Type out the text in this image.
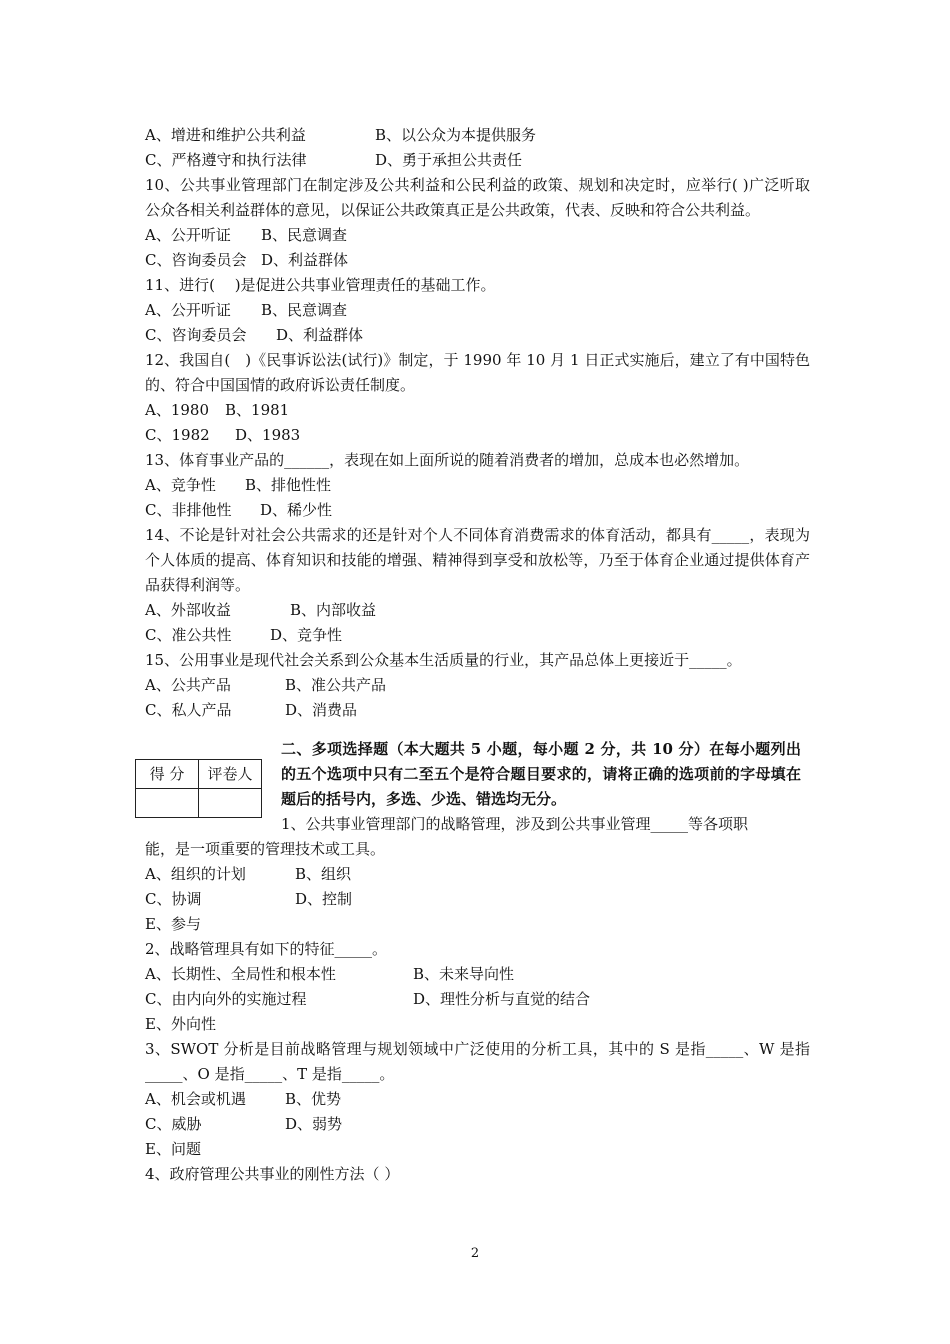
A、增进和维护公共利益	B、以公众为本提供服务
C、严格遵守和执行法律	D、勇于承担公共责任
10、公共事业管理部门在制定涉及公共利益和公民利益的政策、规划和决定时，应举行( )广泛听取公众各相关利益群体的意见，以保证公共政策真正是公共政策，代表、反映和符合公共利益。
A、公开听证	B、民意调查
C、咨询委员会 D、利益群体
11、进行(　 )是促进公共事业管理责任的基础工作。
A、公开听证	B、民意调查
C、咨询委员会	D、利益群体
12、我国自(　)《民事诉讼法(试行)》制定，于 1990 年 10 月 1 日正式实施后，建立了有中国特色的、符合中国国情的政府诉讼责任制度。
A、1980	B、1981
C、1982	D、1983
13、体育事业产品的______，表现在如上面所说的随着消费者的增加，总成本也必然增加。
A、竞争性	B、排他性性
C、非排他性	D、稀少性
14、不论是针对社会公共需求的还是针对个人不同体育消费需求的体育活动，都具有_____，表现为个人体质的提高、体育知识和技能的增强、精神得到享受和放松等，乃至于体育企业通过提供体育产品获得利润等。
A、外部收益	B、内部收益
C、准公共性	D、竞争性
15、公用事业是现代社会关系到公众基本生活质量的行业，其产品总体上更接近于_____。
A、公共产品	B、准公共产品
C、私人产品	D、消费品
得 分	评卷人

二、多项选择题（本大题共 5 小题，每小题 2 分，共 10 分）在每小题列出的五个选项中只有二至五个是符合题目要求的，请将正确的选项前的字母填在题后的括号内，多选、少选、错选均无分。
1、公共事业管理部门的战略管理，涉及到公共事业管理_____等各项职
能，是一项重要的管理技术或工具。
A、组织的计划	B、组织
C、协调	D、控制
E、参与
2、战略管理具有如下的特征_____。
A、长期性、全局性和根本性	B、未来导向性
C、由内向外的实施过程	D、理性分析与直觉的结合
E、外向性
3、SWOT 分析是目前战略管理与规划领域中广泛使用的分析工具，其中的 S 是指_____、W 是指_____、O 是指_____、T 是指_____。
A、机会或机遇	B、优势
C、威胁	D、弱势
E、问题
4、政府管理公共事业的刚性方法（ ）
2
